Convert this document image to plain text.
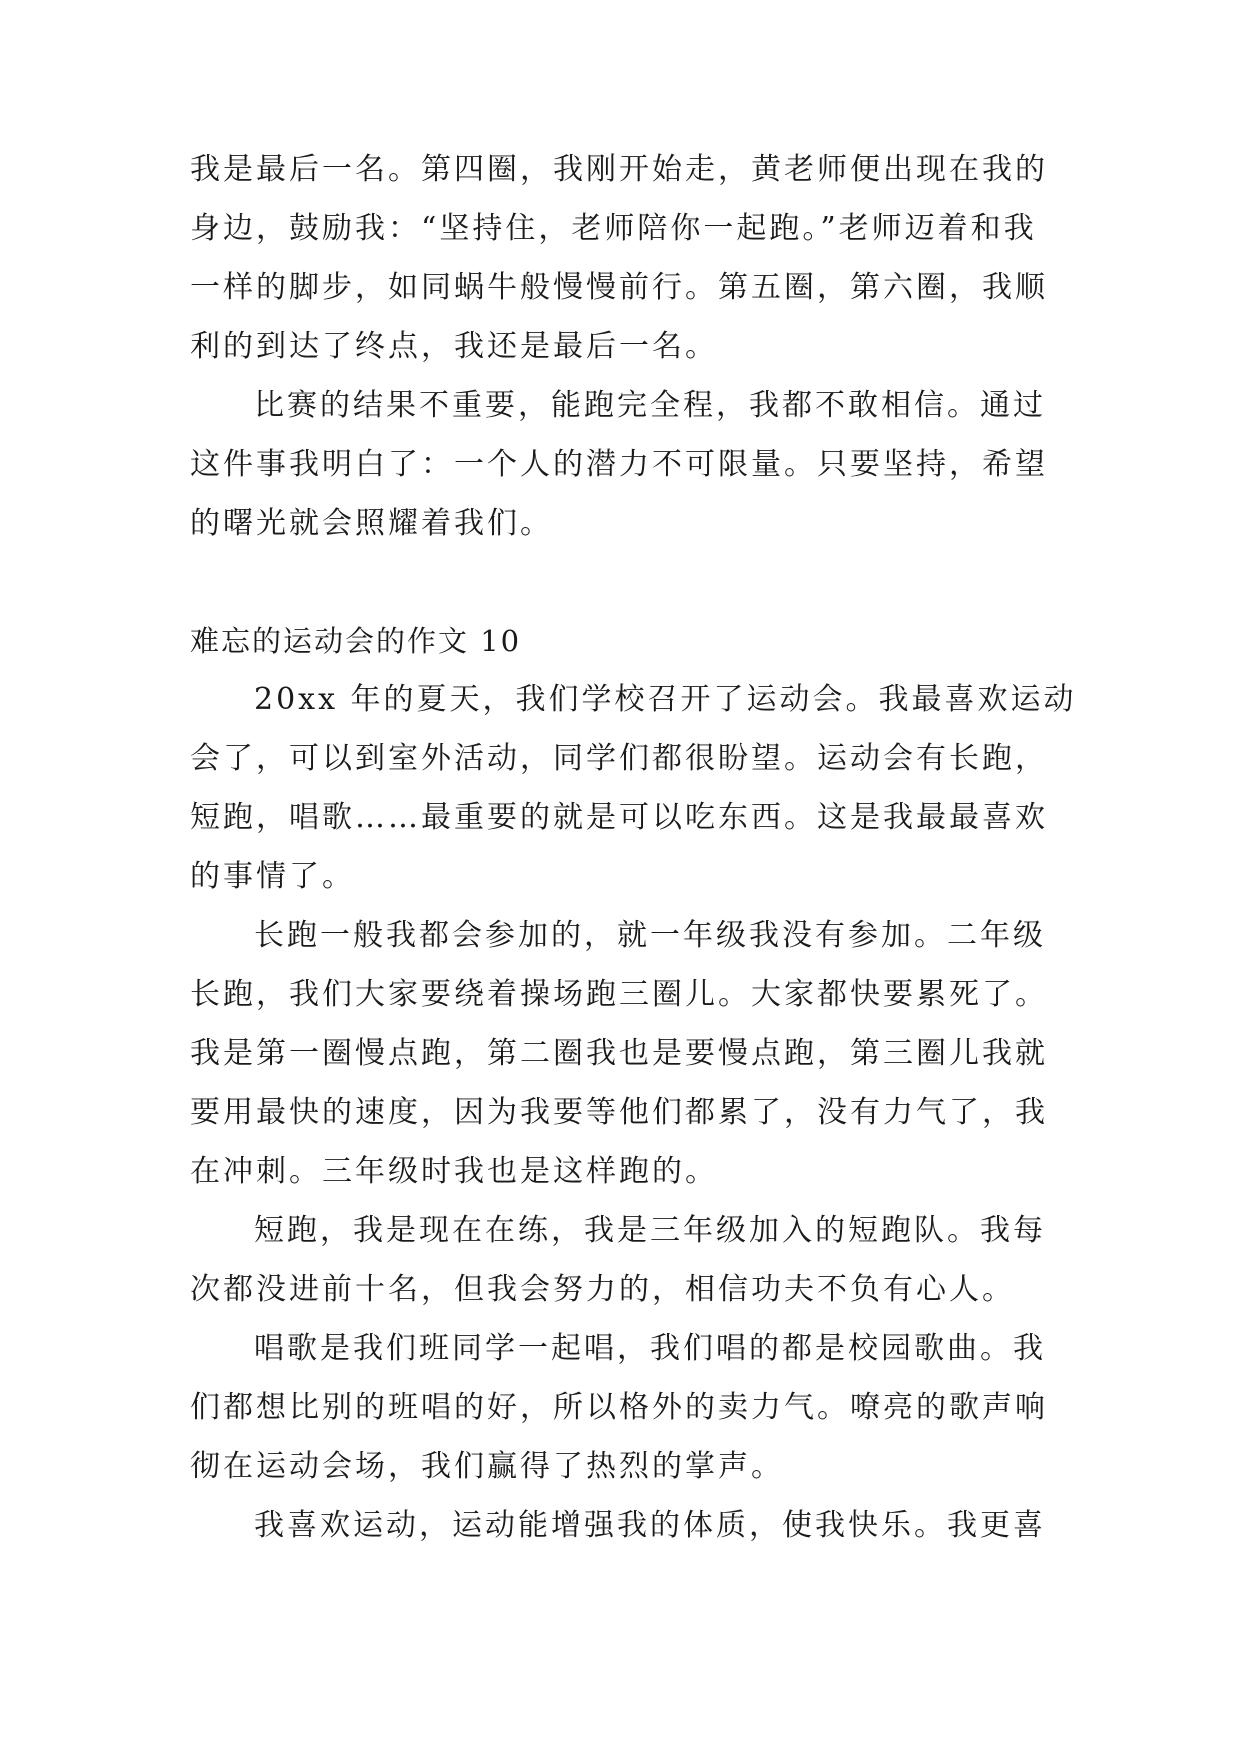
我是最后一名。第四圈，我刚开始走，黄老师便出现在我的
身边，鼓励我：“坚持住，老师陪你一起跑。”老师迈着和我
一样的脚步，如同蜗牛般慢慢前行。第五圈，第六圈，我顺
利的到达了终点，我还是最后一名。
比赛的结果不重要，能跑完全程，我都不敢相信。通过
这件事我明白了：一个人的潜力不可限量。只要坚持，希望
的曙光就会照耀着我们。
难忘的运动会的作文 10
20xx 年的夏天，我们学校召开了运动会。我最喜欢运动
会了，可以到室外活动，同学们都很盼望。运动会有长跑，
短跑，唱歌……最重要的就是可以吃东西。这是我最最喜欢
的事情了。
长跑一般我都会参加的，就一年级我没有参加。二年级
长跑，我们大家要绕着操场跑三圈儿。大家都快要累死了。
我是第一圈慢点跑，第二圈我也是要慢点跑，第三圈儿我就
要用最快的速度，因为我要等他们都累了，没有力气了，我
在冲刺。三年级时我也是这样跑的。
短跑，我是现在在练，我是三年级加入的短跑队。我每
次都没进前十名，但我会努力的，相信功夫不负有心人。
唱歌是我们班同学一起唱，我们唱的都是校园歌曲。我
们都想比别的班唱的好，所以格外的卖力气。嘹亮的歌声响
彻在运动会场，我们赢得了热烈的掌声。
我喜欢运动，运动能增强我的体质，使我快乐。我更喜
